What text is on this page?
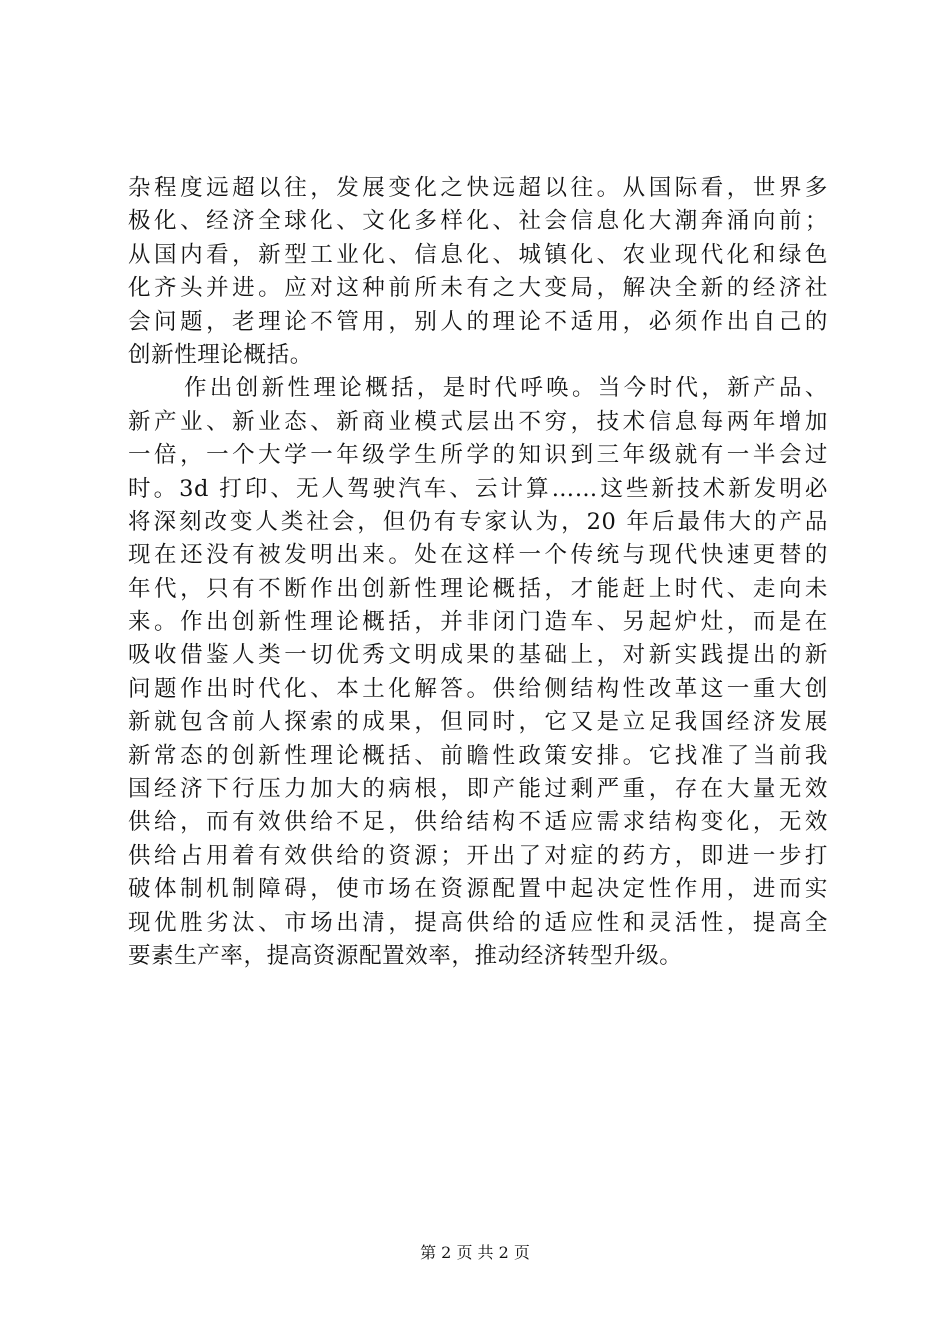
杂程度远超以往，发展变化之快远超以往。从国际看，世界多
极化、经济全球化、文化多样化、社会信息化大潮奔涌向前；
从国内看，新型工业化、信息化、城镇化、农业现代化和绿色
化齐头并进。应对这种前所未有之大变局，解决全新的经济社
会问题，老理论不管用，别人的理论不适用，必须作出自己的
创新性理论概括。
作出创新性理论概括，是时代呼唤。当今时代，新产品、
新产业、新业态、新商业模式层出不穷，技术信息每两年增加
一倍，一个大学一年级学生所学的知识到三年级就有一半会过
时。3d 打印、无人驾驶汽车、云计算……这些新技术新发明必
将深刻改变人类社会，但仍有专家认为，20 年后最伟大的产品
现在还没有被发明出来。处在这样一个传统与现代快速更替的
年代，只有不断作出创新性理论概括，才能赶上时代、走向未
来。作出创新性理论概括，并非闭门造车、另起炉灶，而是在
吸收借鉴人类一切优秀文明成果的基础上，对新实践提出的新
问题作出时代化、本土化解答。供给侧结构性改革这一重大创
新就包含前人探索的成果，但同时，它又是立足我国经济发展
新常态的创新性理论概括、前瞻性政策安排。它找准了当前我
国经济下行压力加大的病根，即产能过剩严重，存在大量无效
供给，而有效供给不足，供给结构不适应需求结构变化，无效
供给占用着有效供给的资源；开出了对症的药方，即进一步打
破体制机制障碍，使市场在资源配置中起决定性作用，进而实
现优胜劣汰、市场出清，提高供给的适应性和灵活性，提高全
要素生产率，提高资源配置效率，推动经济转型升级。
第 2 页 共 2 页
